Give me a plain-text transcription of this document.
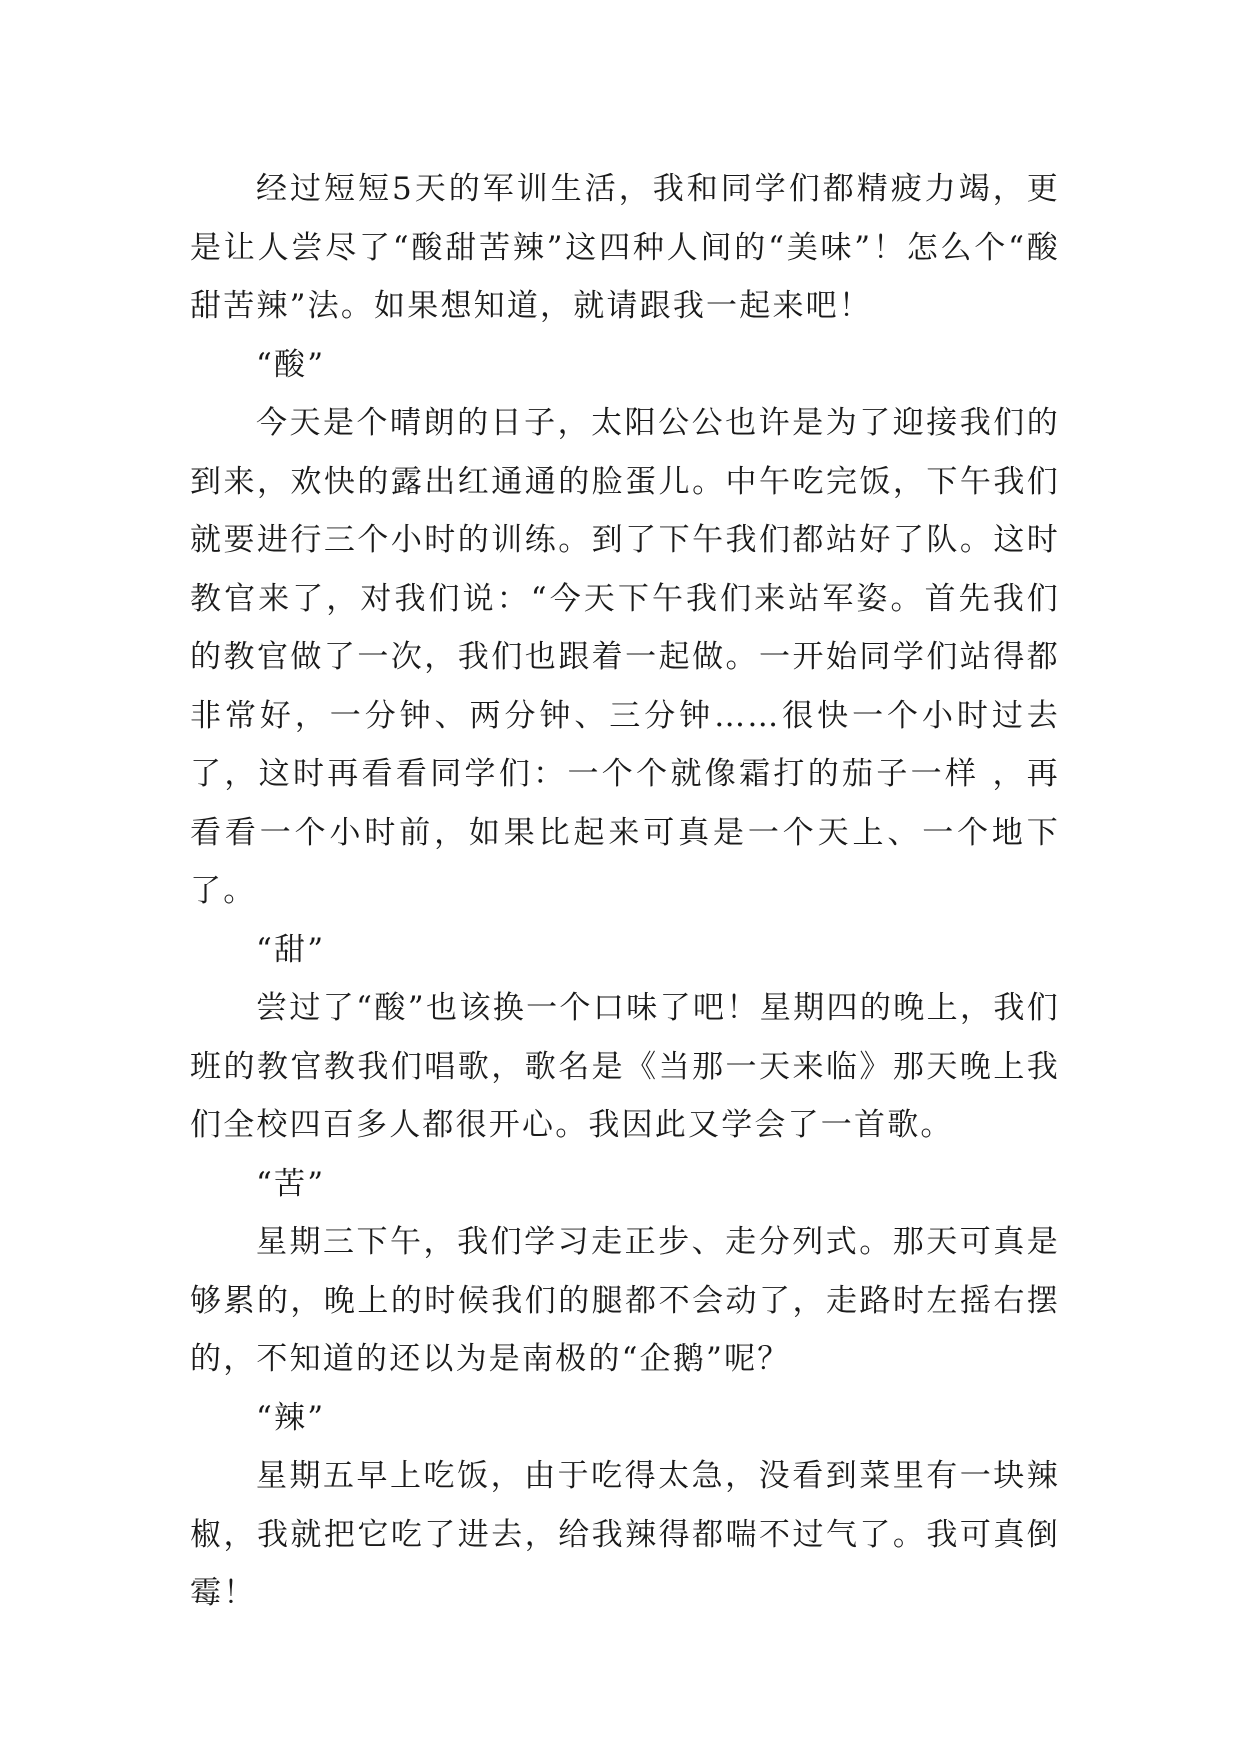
经过短短5天的军训生活，我和同学们都精疲力竭，更是让人尝尽了“酸甜苦辣”这四种人间的“美味”！怎么个“酸甜苦辣”法。如果想知道，就请跟我一起来吧！

“酸”

今天是个晴朗的日子，太阳公公也许是为了迎接我们的到来，欢快的露出红通通的脸蛋儿。中午吃完饭，下午我们就要进行三个小时的训练。到了下午我们都站好了队。这时教官来了，对我们说：“今天下午我们来站军姿。首先我们的教官做了一次，我们也跟着一起做。一开始同学们站得都非常好，一分钟、两分钟、三分钟……很快一个小时过去了，这时再看看同学们：一个个就像霜打的茄子一样 ，再看看一个小时前，如果比起来可真是一个天上、一个地下了。

“甜”

尝过了“酸”也该换一个口味了吧！星期四的晚上，我们班的教官教我们唱歌，歌名是《当那一天来临》那天晚上我们全校四百多人都很开心。我因此又学会了一首歌。

“苦”

星期三下午，我们学习走正步、走分列式。那天可真是够累的，晚上的时候我们的腿都不会动了，走路时左摇右摆的，不知道的还以为是南极的“企鹅”呢？

“辣”

星期五早上吃饭，由于吃得太急，没看到菜里有一块辣椒，我就把它吃了进去，给我辣得都喘不过气了。我可真倒霉！
